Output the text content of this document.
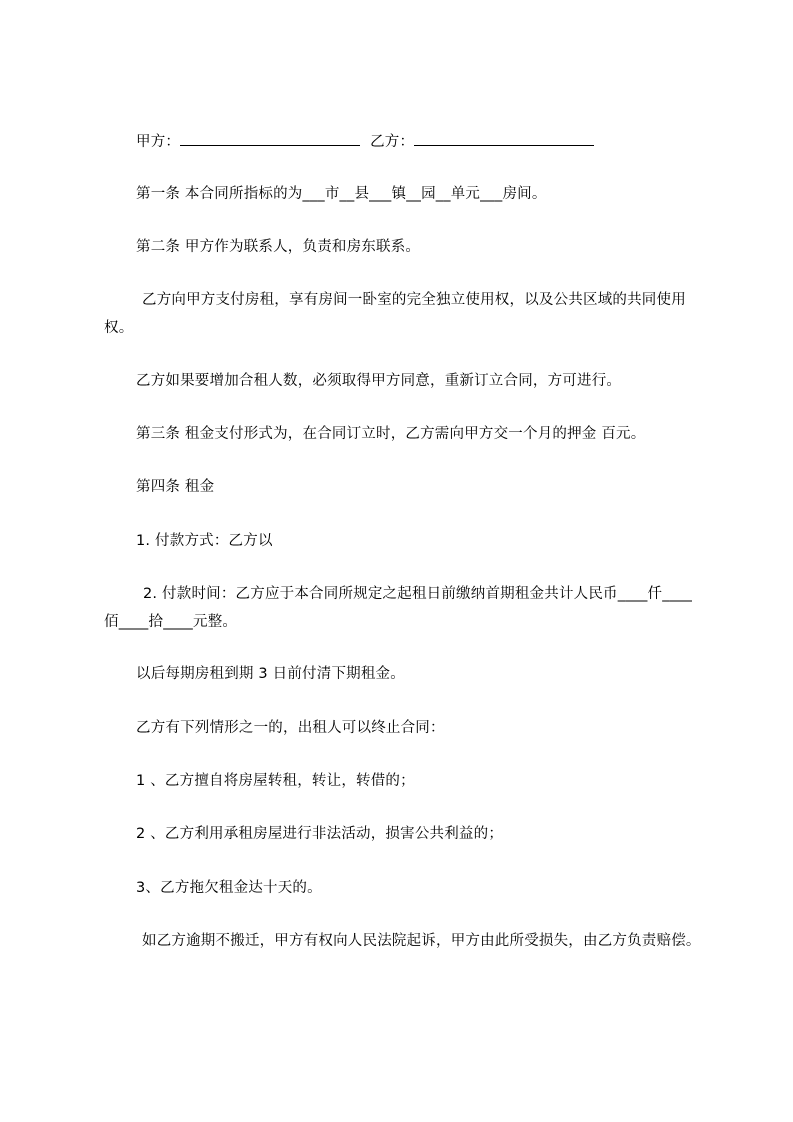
甲方：	乙方：
第一条 本合同所指标的为___市__县___镇__园__单元___房间。
第二条 甲方作为联系人，负责和房东联系。
乙方向甲方支付房租，享有房间一卧室的完全独立使用权，以及公共区域的共同使用权。
乙方如果要增加合租人数，必须取得甲方同意，重新订立合同，方可进行。
第三条 租金支付形式为，在合同订立时，乙方需向甲方交一个月的押金 百元。
第四条 租金
1. 付款方式：乙方以
2. 付款时间：乙方应于本合同所规定之起租日前缴纳首期租金共计人民币____仟____佰____拾____元整。
以后每期房租到期 3 日前付清下期租金。
乙方有下列情形之一的，出租人可以终止合同：
1 、乙方擅自将房屋转租，转让，转借的；
2 、乙方利用承租房屋进行非法活动，损害公共利益的；
3、乙方拖欠租金达十天的。
如乙方逾期不搬迁，甲方有权向人民法院起诉，甲方由此所受损失，由乙方负责赔偿。
